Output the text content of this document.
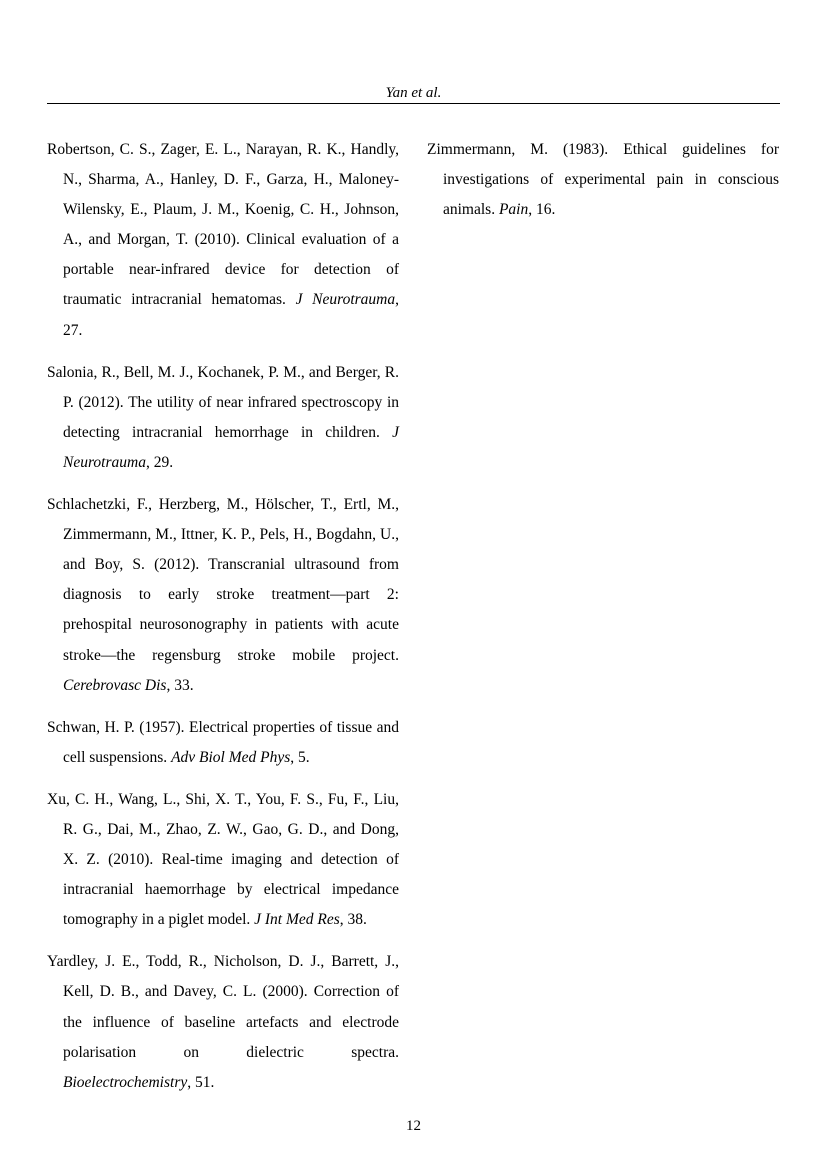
Yan et al.

Robertson, C. S., Zager, E. L., Narayan, R. K., Handly, N., Sharma, A., Hanley, D. F., Garza, H., Maloney-Wilensky, E., Plaum, J. M., Koenig, C. H., Johnson, A., and Morgan, T. (2010). Clinical evaluation of a portable near-infrared device for detection of traumatic intracranial hematomas. J Neurotrauma, 27.

Salonia, R., Bell, M. J., Kochanek, P. M., and Berger, R. P. (2012). The utility of near infrared spectroscopy in detecting intracranial hemorrhage in children. J Neurotrauma, 29.

Schlachetzki, F., Herzberg, M., Hölscher, T., Ertl, M., Zimmermann, M., Ittner, K. P., Pels, H., Bogdahn, U., and Boy, S. (2012). Transcranial ultrasound from diagnosis to early stroke treatment—part 2: prehospital neurosonography in patients with acute stroke—the regensburg stroke mobile project. Cerebrovasc Dis, 33.

Schwan, H. P. (1957). Electrical properties of tissue and cell suspensions. Adv Biol Med Phys, 5.

Xu, C. H., Wang, L., Shi, X. T., You, F. S., Fu, F., Liu, R. G., Dai, M., Zhao, Z. W., Gao, G. D., and Dong, X. Z. (2010). Real-time imaging and detection of intracranial haemorrhage by electrical impedance tomography in a piglet model. J Int Med Res, 38.

Yardley, J. E., Todd, R., Nicholson, D. J., Barrett, J., Kell, D. B., and Davey, C. L. (2000). Correction of the influence of baseline artefacts and electrode polarisation on dielectric spectra. Bioelectrochemistry, 51.

Zimmermann, M. (1983). Ethical guidelines for investigations of experimental pain in conscious animals. Pain, 16.

12
